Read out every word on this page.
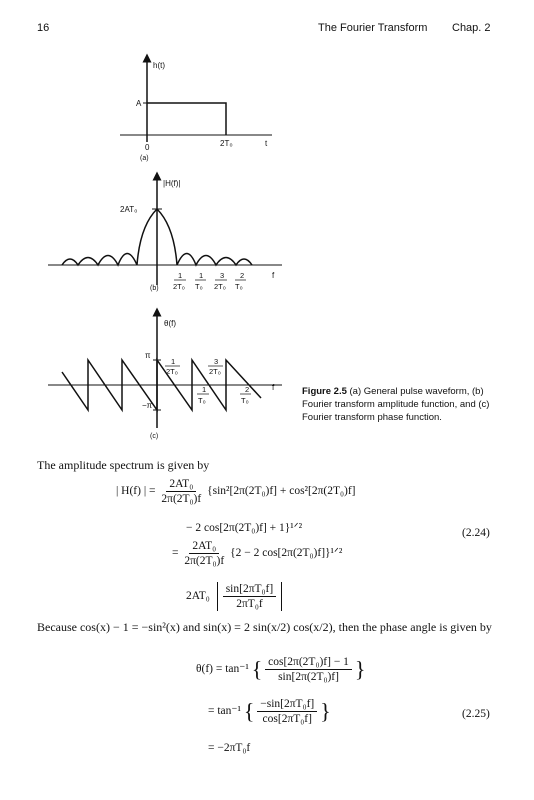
16	The Fourier Transform Chap. 2
h(t)
A
0	2T₀	t
(a)
|H(f)|
2AT₀
f
(b)
1
2T₀
1
T₀
3
2T₀
2
T₀
θ(f)
π
−π
f
(c)
1
2T₀
3
2T₀
1
T₀
2
T₀
Figure 2.5 (a) General pulse waveform, (b) Fourier transform amplitude function, and (c) Fourier transform phase function.
The amplitude spectrum is given by
| H(f) | = $\frac{\text{2AT₀}}{\text{2π(2T₀)f}} \{\sin^2[2\pi(2T_0)f] + \cos^2[2\pi(2T_0)f]$
− 2 cos[2π(2T₀)f] + 1}¹ᐟ²
= $\frac{\text{2AT₀}}{\text{2π(2T₀)f}} \{2 - 2$ cos[2π(2T₀)f]}¹ᐟ²
$2AT_0 \frac{\text{sin[2πT₀f]}}{\text{2πT₀f}}$
(2.24)
Because cos(x) − 1 = −sin²(x) and sin(x) = 2 sin(x/2) cos(x/2), then the phase angle is given by
θ(f) = tan⁻¹ { $\frac{\text{cos[2π(2T₀)f] − 1}}{\text{sin[2π(2T₀)f]}}$ }
= tan⁻¹ { $\frac{\text{−sin[2πT₀f]}}{\text{cos[2πT₀f]}}$ }	(2.25)
= −2πT₀f
